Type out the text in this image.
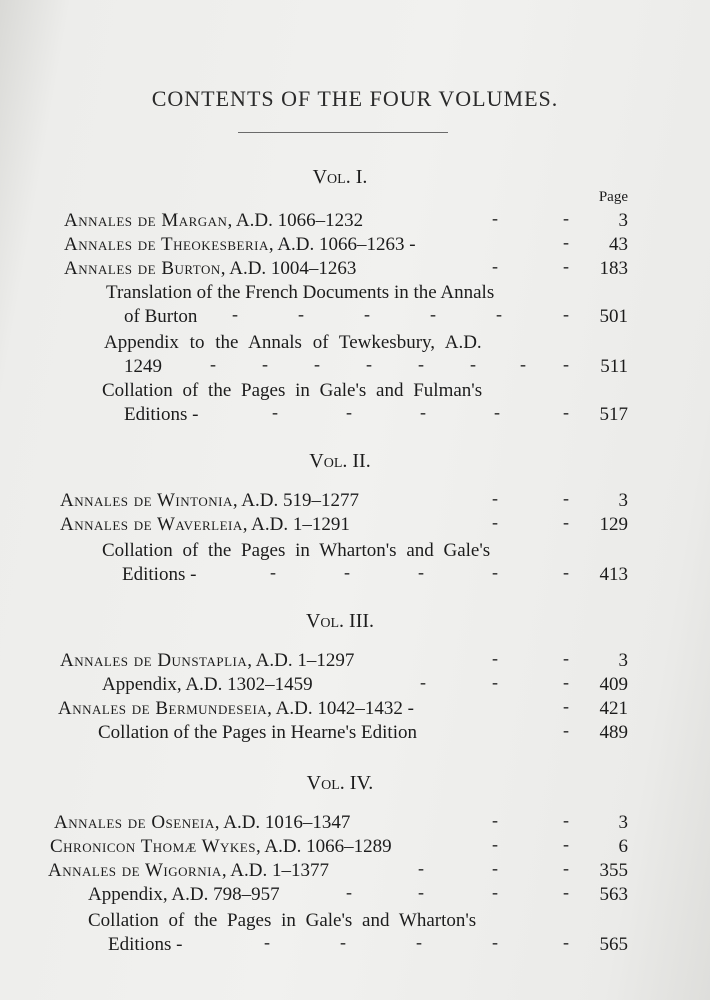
CONTENTS OF THE FOUR VOLUMES.
Vol. I.
Page
Annales de Margan, A.D. 1066–1232	-	-	3
Annales de Theokesberia, A.D. 1066–1263 -	-	43
Annales de Burton, A.D. 1004–1263	-	-	183
Translation of the French Documents in the Annals
of Burton -	-	-	-	-	-	501
Appendix to the Annals of Tewkesbury, A.D.
1249	-	-	-	-	-	- - -	511
Collation of the Pages in Gale's and Fulman's
Editions -	-	-	-	-	-	517
Vol. II.
Annales de Wintonia, A.D. 519–1277	-	-	3
Annales de Waverleia, A.D. 1–1291	-	-	129
Collation of the Pages in Wharton's and Gale's
Editions -	-	-	-	-	-	413
Vol. III.
Annales de Dunstaplia, A.D. 1–1297	-	-	3
Appendix, A.D. 1302–1459	-	-	-	409
Annales de Bermundeseia, A.D. 1042–1432 -	-	421
Collation of the Pages in Hearne's Edition	-	489
Vol. IV.
Annales de Oseneia, A.D. 1016–1347	-	-	3
Chronicon Thomæ Wykes, A.D. 1066–1289	-	-	6
Annales de Wigornia, A.D. 1–1377	-	-	-	355
Appendix, A.D. 798–957	-	-	-	-	563
Collation of the Pages in Gale's and Wharton's
Editions -	-	-	-	-	-	565
